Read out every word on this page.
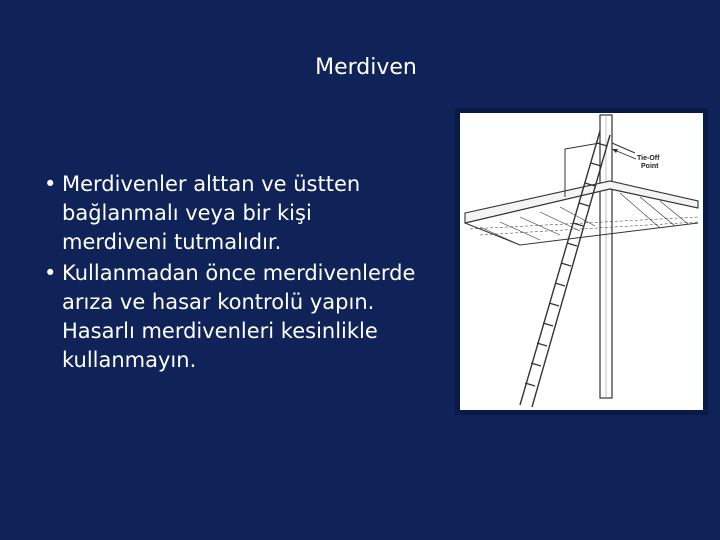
Merdiven
• Merdivenler alttan ve üstten bağlanmalı veya bir kişi merdiveni tutmalıdır.
• Kullanmadan önce merdivenlerde arıza ve hasar kontrolü yapın. Hasarlı merdivenleri kesinlikle kullanmayın.
Tie-Off
Point
